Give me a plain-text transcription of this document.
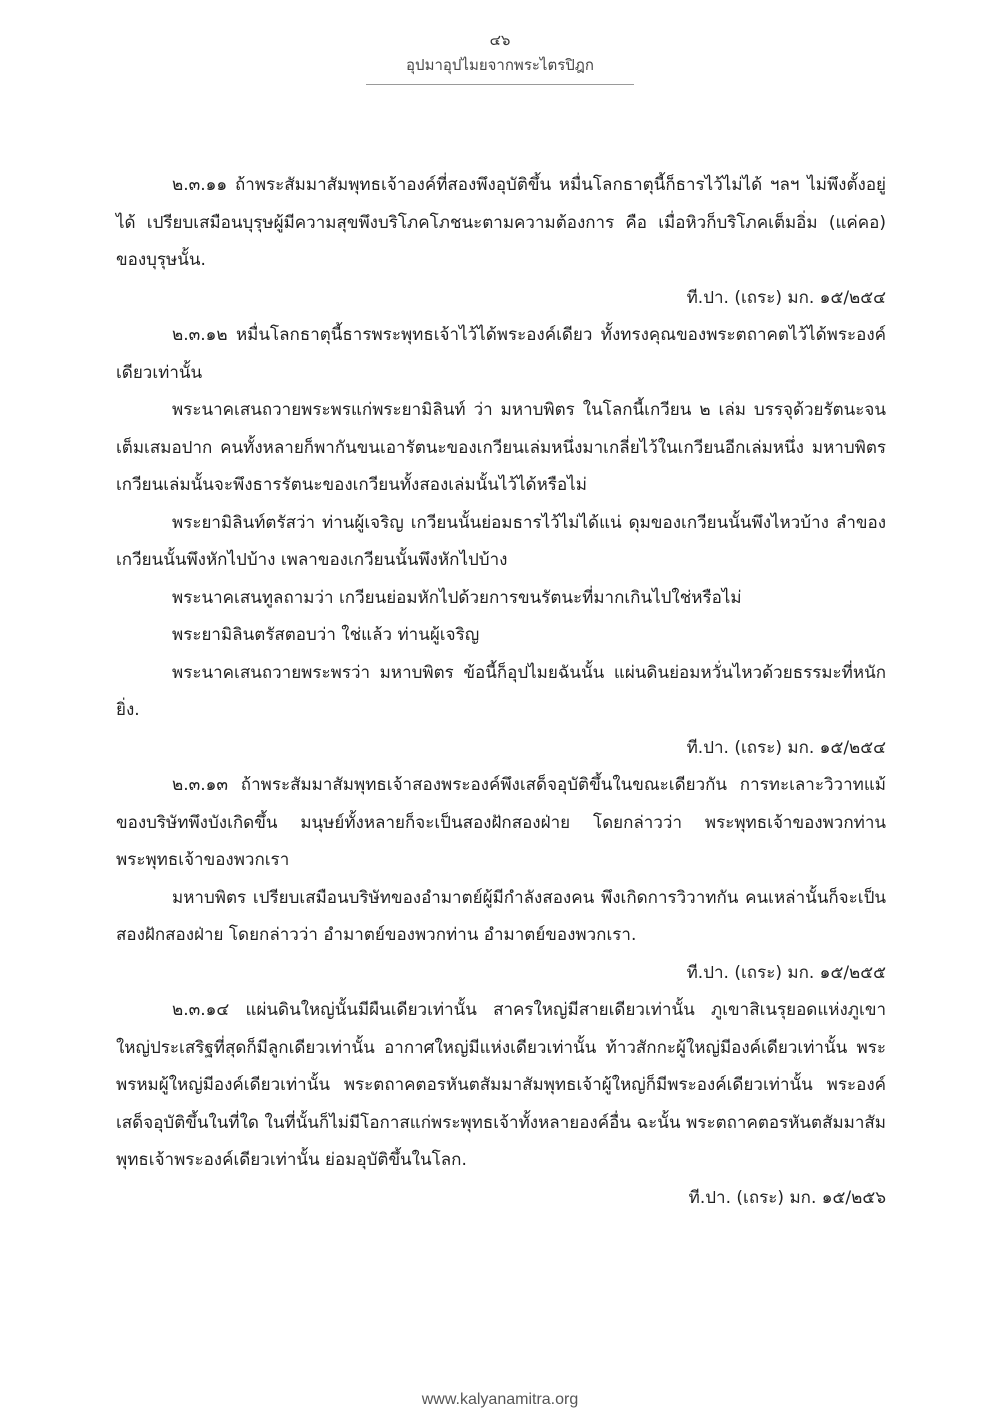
๔๖
อุปมาอุปไมยจากพระไตรปิฎก

๒.๓.๑๑ ถ้าพระสัมมาสัมพุทธเจ้าองค์ที่สองพึงอุบัติขึ้น หมื่นโลกธาตุนี้ก็ธารไว้ไม่ได้ ฯลฯ ไม่พึงตั้งอยู่ได้ เปรียบเสมือนบุรุษผู้มีความสุขพึงบริโภคโภชนะตามความต้องการ คือ เมื่อหิวก็บริโภคเต็มอิ่ม (แค่คอ) ของบุรุษนั้น.

ที.ปา. (เถระ) มก. ๑๕/๒๕๔

๒.๓.๑๒ หมื่นโลกธาตุนี้ธารพระพุทธเจ้าไว้ได้พระองค์เดียว ทั้งทรงคุณของพระตถาคตไว้ได้พระองค์เดียวเท่านั้น

พระนาคเสนถวายพระพรแก่พระยามิลินท์ ว่า มหาบพิตร ในโลกนี้เกวียน ๒ เล่ม บรรจุด้วยรัตนะจนเต็มเสมอปาก คนทั้งหลายก็พากันขนเอารัตนะของเกวียนเล่มหนึ่งมาเกลี่ยไว้ในเกวียนอีกเล่มหนึ่ง มหาบพิตร เกวียนเล่มนั้นจะพึงธารรัตนะของเกวียนทั้งสองเล่มนั้นไว้ได้หรือไม่

พระยามิลินท์ตรัสว่า ท่านผู้เจริญ เกวียนนั้นย่อมธารไว้ไม่ได้แน่ ดุมของเกวียนนั้นพึงไหวบ้าง ลำของเกวียนนั้นพึงหักไปบ้าง เพลาของเกวียนนั้นพึงหักไปบ้าง

พระนาคเสนทูลถามว่า เกวียนย่อมหักไปด้วยการขนรัตนะที่มากเกินไปใช่หรือไม่

พระยามิลินตรัสตอบว่า ใช่แล้ว ท่านผู้เจริญ

พระนาคเสนถวายพระพรว่า มหาบพิตร ข้อนี้ก็อุปไมยฉันนั้น แผ่นดินย่อมหวั่นไหวด้วยธรรมะที่หนักยิ่ง.

ที.ปา. (เถระ) มก. ๑๕/๒๕๔

๒.๓.๑๓ ถ้าพระสัมมาสัมพุทธเจ้าสองพระองค์พึงเสด็จอุบัติขึ้นในขณะเดียวกัน การทะเลาะวิวาทแม้ของบริษัทพึงบังเกิดขึ้น มนุษย์ทั้งหลายก็จะเป็นสองฝักสองฝ่าย โดยกล่าวว่า พระพุทธเจ้าของพวกท่าน พระพุทธเจ้าของพวกเรา

มหาบพิตร เปรียบเสมือนบริษัทของอำมาตย์ผู้มีกำลังสองคน พึงเกิดการวิวาทกัน คนเหล่านั้นก็จะเป็นสองฝักสองฝ่าย โดยกล่าวว่า อำมาตย์ของพวกท่าน อำมาตย์ของพวกเรา.

ที.ปา. (เถระ) มก. ๑๕/๒๕๕

๒.๓.๑๔ แผ่นดินใหญ่นั้นมีผืนเดียวเท่านั้น สาครใหญ่มีสายเดียวเท่านั้น ภูเขาสิเนรุยอดแห่งภูเขาใหญ่ประเสริฐที่สุดก็มีลูกเดียวเท่านั้น อากาศใหญ่มีแห่งเดียวเท่านั้น ท้าวสักกะผู้ใหญ่มีองค์เดียวเท่านั้น พระพรหมผู้ใหญ่มีองค์เดียวเท่านั้น พระตถาคตอรหันตสัมมาสัมพุทธเจ้าผู้ใหญ่ก็มีพระองค์เดียวเท่านั้น พระองค์เสด็จอุบัติขึ้นในที่ใด ในที่นั้นก็ไม่มีโอกาสแก่พระพุทธเจ้าทั้งหลายองค์อื่น ฉะนั้น พระตถาคตอรหันตสัมมาสัมพุทธเจ้าพระองค์เดียวเท่านั้น ย่อมอุบัติขึ้นในโลก.

ที.ปา. (เถระ) มก. ๑๕/๒๕๖

www.kalyanamitra.org
